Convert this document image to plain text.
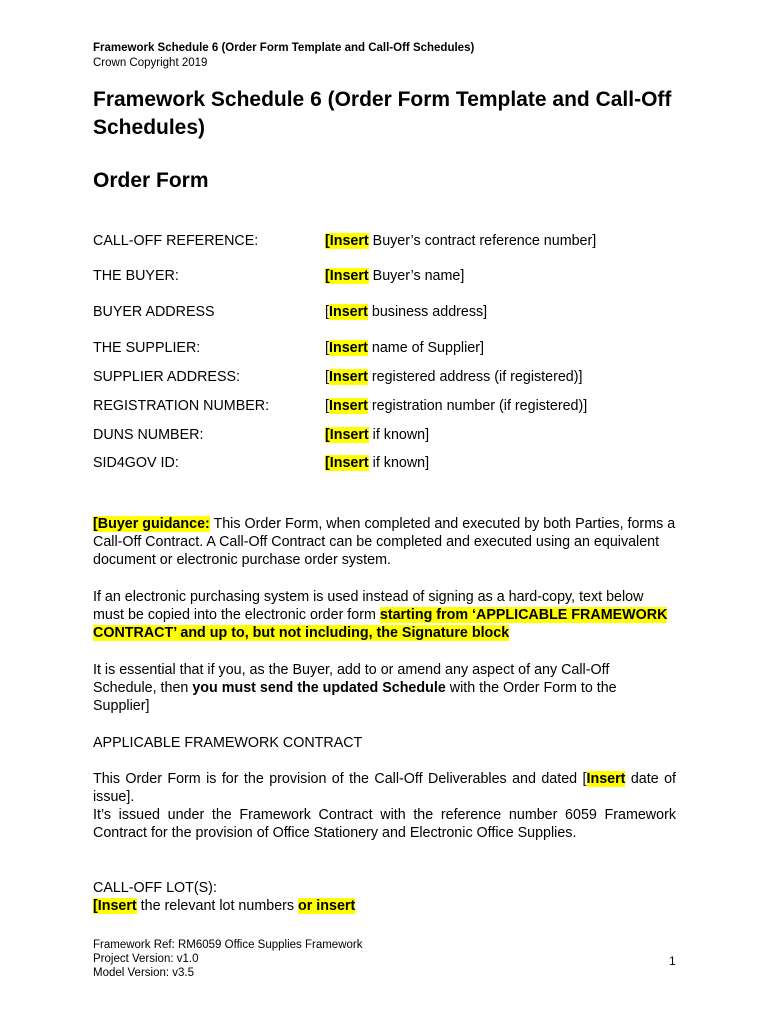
Framework Schedule 6 (Order Form Template and Call-Off Schedules)
Crown Copyright 2019
Framework Schedule 6 (Order Form Template and Call-Off Schedules)
Order Form
CALL-OFF REFERENCE:	[Insert Buyer’s contract reference number]
THE BUYER:	[Insert Buyer’s name]
BUYER ADDRESS	[Insert business address]
THE SUPPLIER:	[Insert name of Supplier]
SUPPLIER ADDRESS:	[Insert registered address (if registered)]
REGISTRATION NUMBER:	[Insert registration number (if registered)]
DUNS NUMBER:	[Insert if known]
SID4GOV ID:	[Insert if known]
[Buyer guidance: This Order Form, when completed and executed by both Parties, forms a Call-Off Contract. A Call-Off Contract can be completed and executed using an equivalent document or electronic purchase order system.
If an electronic purchasing system is used instead of signing as a hard-copy, text below must be copied into the electronic order form starting from ‘APPLICABLE FRAMEWORK CONTRACT’ and up to, but not including, the Signature block
It is essential that if you, as the Buyer, add to or amend any aspect of any Call-Off Schedule, then you must send the updated Schedule with the Order Form to the Supplier]
APPLICABLE FRAMEWORK CONTRACT
This Order Form is for the provision of the Call-Off Deliverables and dated [Insert date of issue].
It’s issued under the Framework Contract with the reference number 6059 Framework Contract for the provision of Office Stationery and Electronic Office Supplies.
CALL-OFF LOT(S):
[Insert the relevant lot numbers or insert
Framework Ref: RM6059 Office Supplies Framework
Project Version: v1.0
Model Version: v3.5
1
